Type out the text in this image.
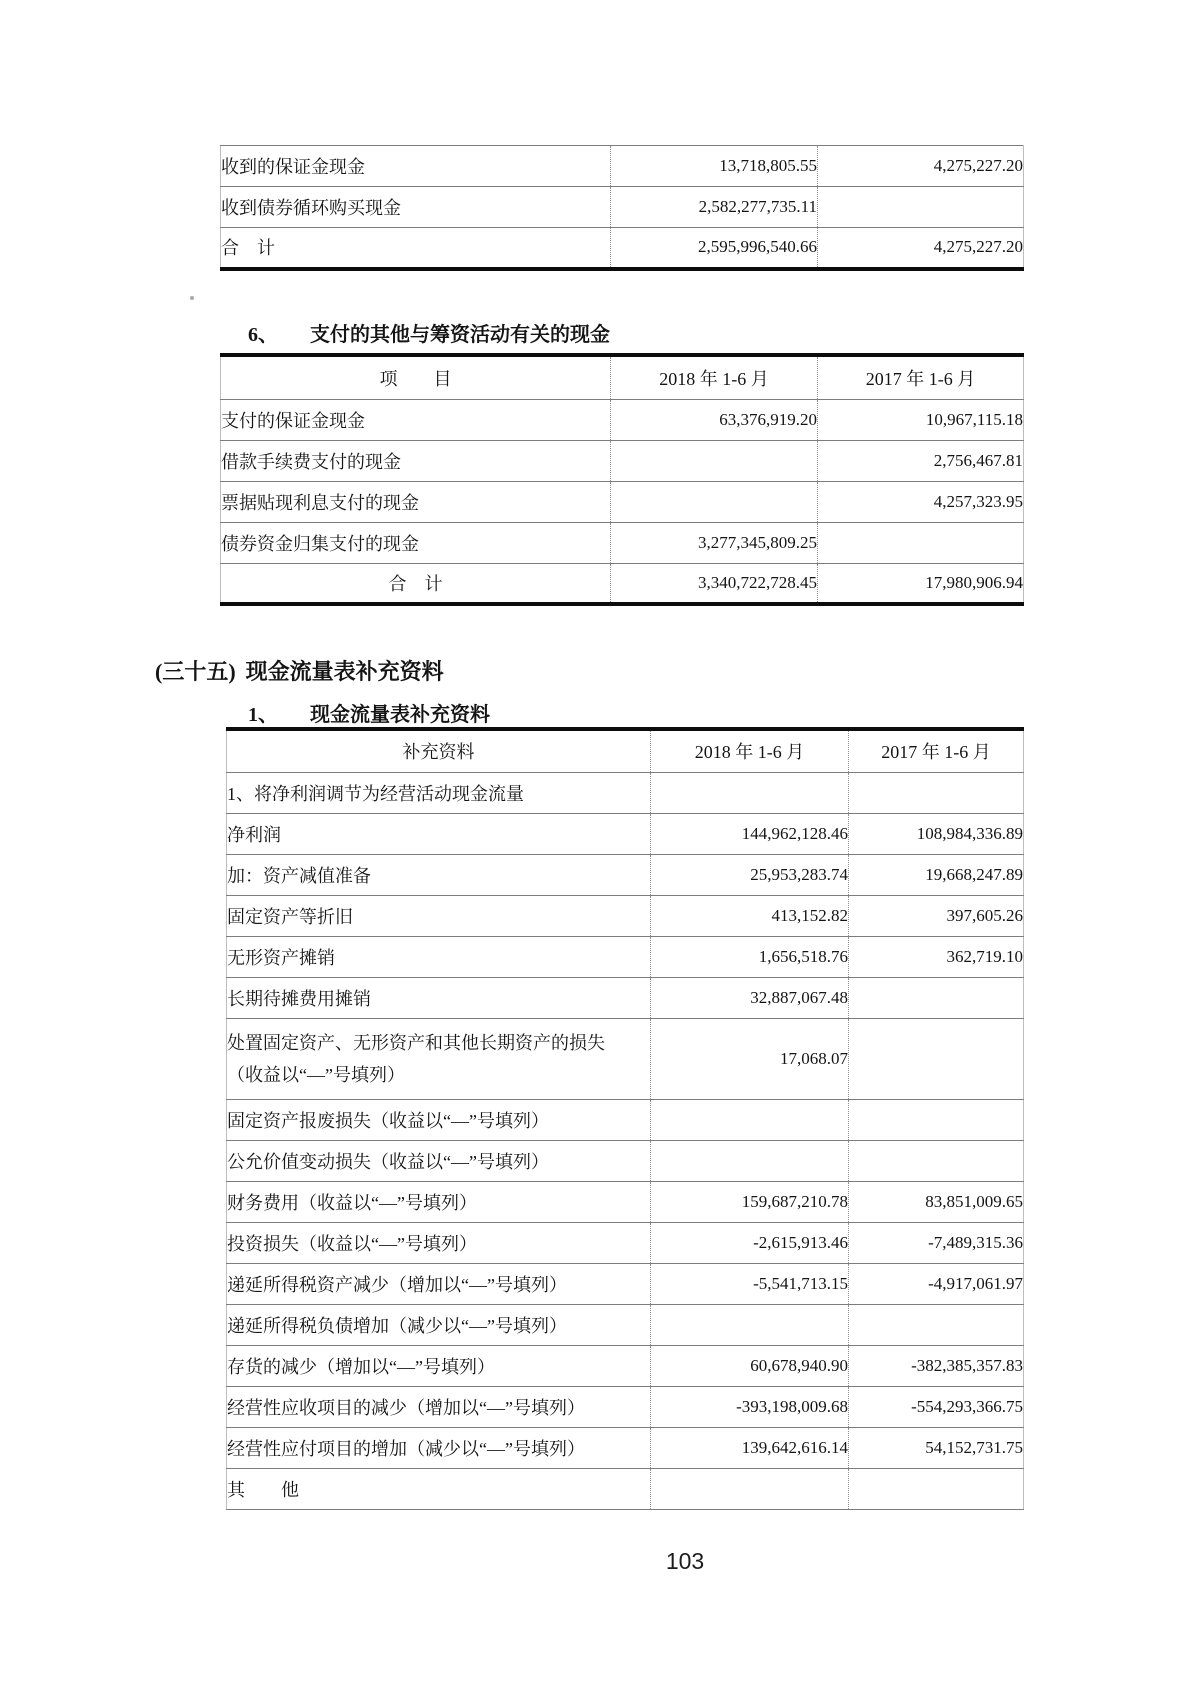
收到的保证金现金	13,718,805.55	4,275,227.20
收到债券循环购买现金	2,582,277,735.11	
合　计	2,595,996,540.66	4,275,227.20
6、 支付的其他与筹资活动有关的现金
项　　目	2018 年 1-6 月	2017 年 1-6 月
支付的保证金现金	63,376,919.20	10,967,115.18
借款手续费支付的现金		2,756,467.81
票据贴现利息支付的现金		4,257,323.95
债券资金归集支付的现金	3,277,345,809.25	
合　计	3,340,722,728.45	17,980,906.94
(三十五) 现金流量表补充资料
1、 现金流量表补充资料
补充资料	2018 年 1-6 月	2017 年 1-6 月
1、将净利润调节为经营活动现金流量		
净利润	144,962,128.46	108,984,336.89
加：资产减值准备	25,953,283.74	19,668,247.89
固定资产等折旧	413,152.82	397,605.26
无形资产摊销	1,656,518.76	362,719.10
长期待摊费用摊销	32,887,067.48	

处置固定资产、无形资产和其他长期资产的损失
（收益以“—”号填列）	17,068.07	
固定资产报废损失（收益以“—”号填列）		
公允价值变动损失（收益以“—”号填列）		
财务费用（收益以“—”号填列）	159,687,210.78	83,851,009.65
投资损失（收益以“—”号填列）	-2,615,913.46	-7,489,315.36
递延所得税资产减少（增加以“—”号填列）	-5,541,713.15	-4,917,061.97
递延所得税负债增加（减少以“—”号填列）		
存货的减少（增加以“—”号填列）	60,678,940.90	-382,385,357.83
经营性应收项目的减少（增加以“—”号填列）	-393,198,009.68	-554,293,366.75
经营性应付项目的增加（减少以“—”号填列）	139,642,616.14	54,152,731.75
其　　他		
103
